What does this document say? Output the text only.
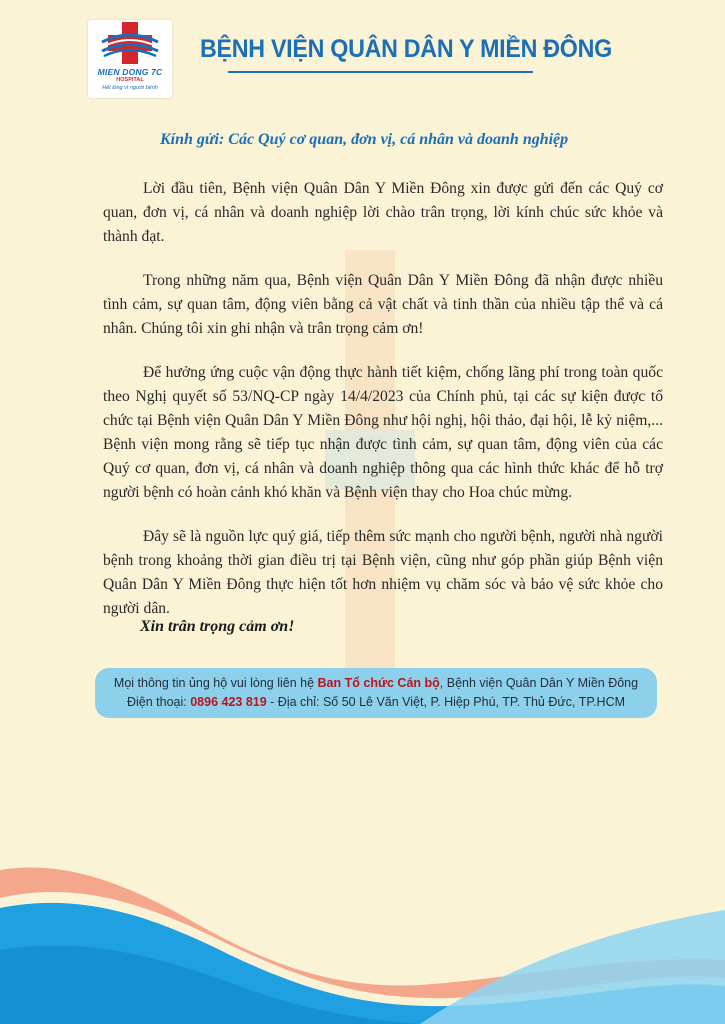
MIEN DONG 7C
HOSPITAL
Hết lòng vì người bệnh
BỆNH VIỆN QUÂN DÂN Y MIỀN ĐÔNG
Kính gửi: Các Quý cơ quan, đơn vị, cá nhân và doanh nghiệp

Lời đầu tiên, Bệnh viện Quân Dân Y Miền Đông xin được gửi đến các Quý cơ quan, đơn vị, cá nhân và doanh nghiệp lời chào trân trọng, lời kính chúc sức khỏe và thành đạt.

Trong những năm qua, Bệnh viện Quân Dân Y Miền Đông đã nhận được nhiều tình cảm, sự quan tâm, động viên bằng cả vật chất và tinh thần của nhiều tập thể và cá nhân. Chúng tôi xin ghi nhận và trân trọng cảm ơn!

Để hưởng ứng cuộc vận động thực hành tiết kiệm, chống lãng phí trong toàn quốc theo Nghị quyết số 53/NQ-CP ngày 14/4/2023 của Chính phủ, tại các sự kiện được tổ chức tại Bệnh viện Quân Dân Y Miền Đông như hội nghị, hội thảo, đại hội, lễ kỷ niệm,... Bệnh viện mong rằng sẽ tiếp tục nhận được tình cảm, sự quan tâm, động viên của các Quý cơ quan, đơn vị, cá nhân và doanh nghiệp thông qua các hình thức khác để hỗ trợ người bệnh có hoàn cảnh khó khăn và Bệnh viện thay cho Hoa chúc mừng.

Đây sẽ là nguồn lực quý giá, tiếp thêm sức mạnh cho người bệnh, người nhà người bệnh trong khoảng thời gian điều trị tại Bệnh viện, cũng như góp phần giúp Bệnh viện Quân Dân Y Miền Đông thực hiện tốt hơn nhiệm vụ chăm sóc và bảo vệ sức khỏe cho người dân.

Xin trân trọng cảm ơn!
Mọi thông tin ủng hộ vui lòng liên hệ Ban Tổ chức Cán bộ, Bệnh viện Quân Dân Y Miền Đông
Điện thoại: 0896 423 819 - Địa chỉ: Số 50 Lê Văn Việt, P. Hiệp Phú, TP. Thủ Đức, TP.HCM
